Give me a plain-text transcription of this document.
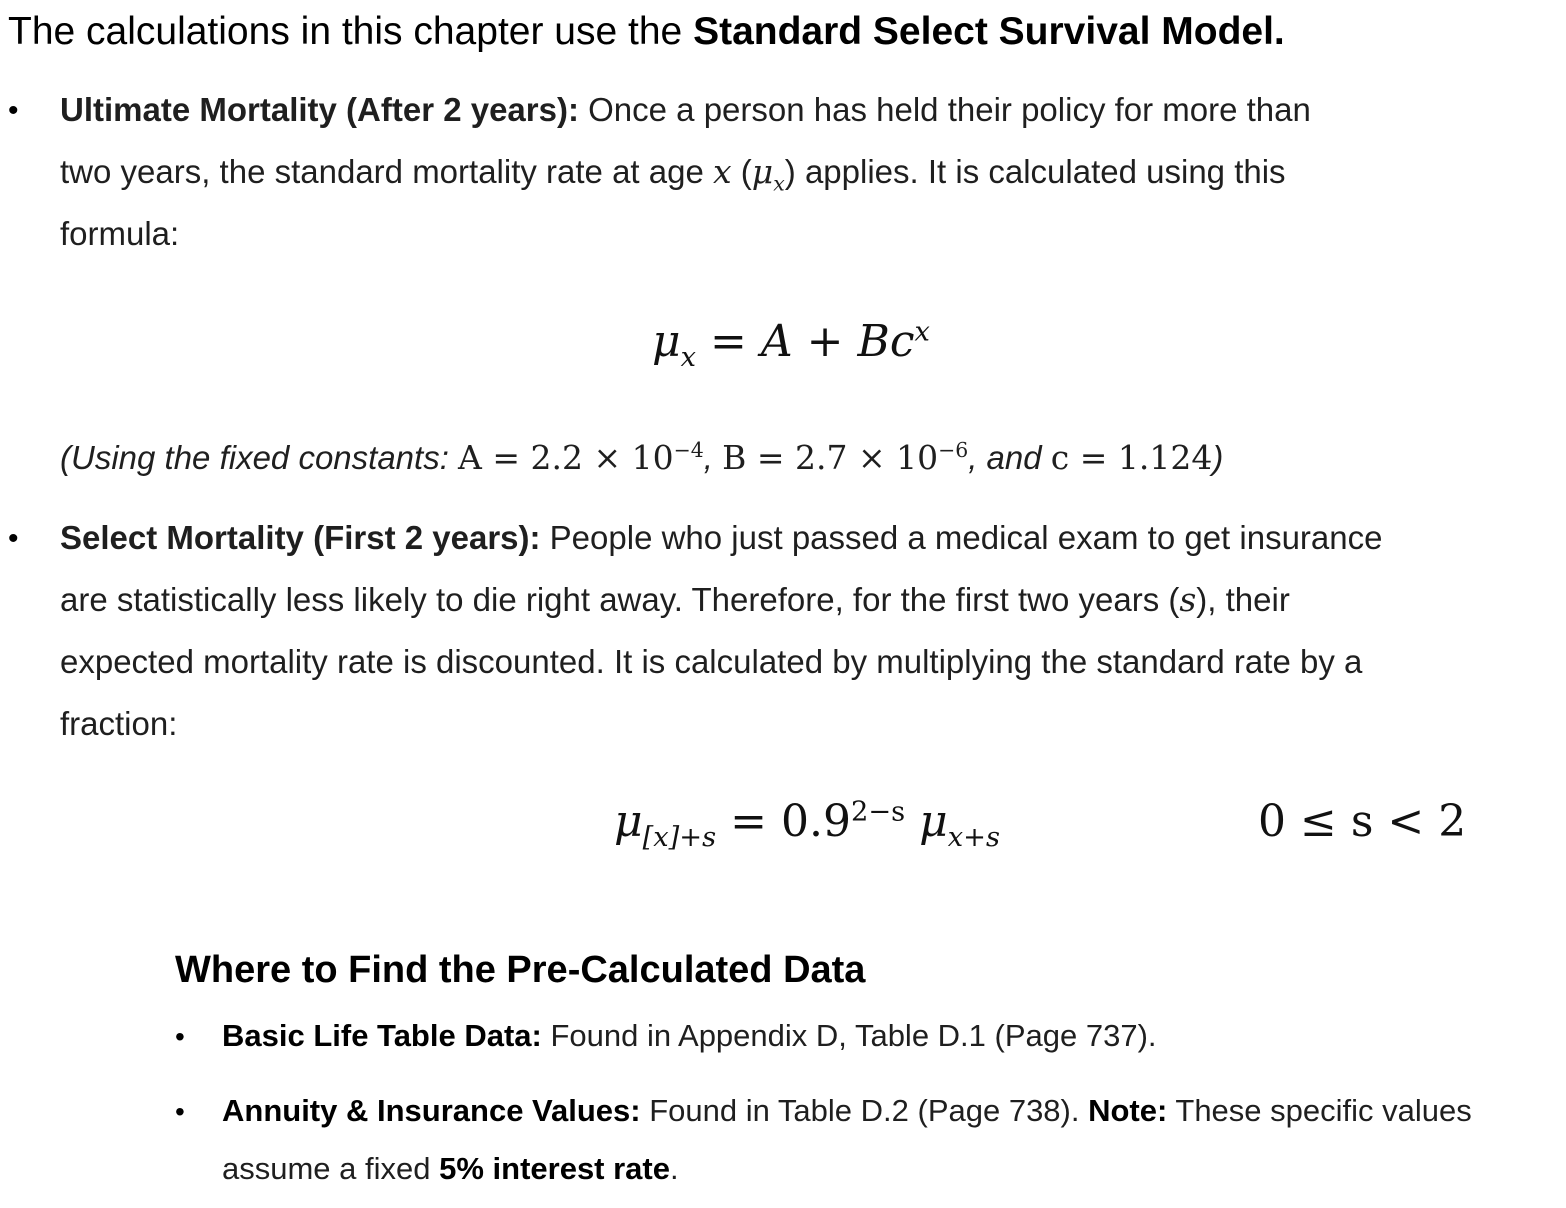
The calculations in this chapter use the Standard Select Survival Model.
• Ultimate Mortality (After 2 years): Once a person has held their policy for more than
two years, the standard mortality rate at age x $(\mu_x)$ applies. It is calculated using this
formula:
$\mu_x = A + Bc^x$
(Using the fixed constants: $A = 2.2 \times 10^{-4}$, $B = 2.7 \times 10^{-6}$, and c = 1.124)
• Select Mortality (First 2 years): People who just passed a medical exam to get insurance
are statistically less likely to die right away. Therefore, for the first two years (s), their
expected mortality rate is discounted. It is calculated by multiplying the standard rate by a
fraction:
$\mu_{[x]+s} = 0.9^{2-s}$ $\mu_{x+s}$	0 ≤ s < 2
Where to Find the Pre-Calculated Data
• Basic Life Table Data: Found in Appendix D, Table D.1 (Page 737).
• Annuity & Insurance Values: Found in Table D.2 (Page 738). Note: These specific values
assume a fixed 5% interest rate.
